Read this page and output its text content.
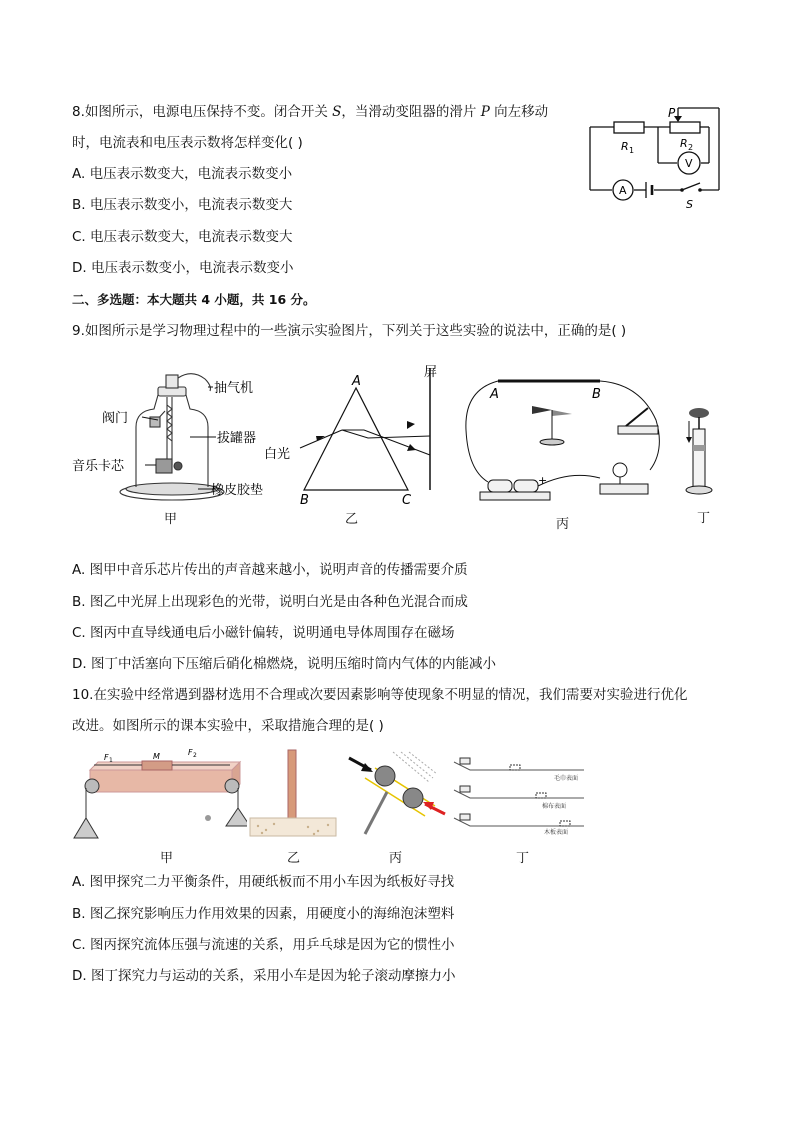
8.如图所示，电源电压保持不变。闭合开关 S，当滑动变阻器的滑片 P 向左移动
时，电流表和电压表示数将怎样变化( )
A. 电压表示数变大，电流表示数变小
B. 电压表示数变小，电流表示数变大
C. 电压表示数变大，电流表示数变大
D. 电压表示数变小，电流表示数变小
P
R 1
R 2
V
A
S
二、多选题：本大题共 4 小题，共 16 分。
9.如图所示是学习物理过程中的一些演示实验图片，下列关于这些实验的说法中，正确的是( )
抽气机
阀门
拔罐器
音乐卡芯
橡皮胶垫
甲
A
B	C
屏
白光
乙
A	B
+
丙	丁
A. 图甲中音乐芯片传出的声音越来越小，说明声音的传播需要介质
B. 图乙中光屏上出现彩色的光带，说明白光是由各种色光混合而成
C. 图丙中直导线通电后小磁针偏转，说明通电导体周围存在磁场
D. 图丁中活塞向下压缩后硝化棉燃烧，说明压缩时筒内气体的内能减小
10.在实验中经常遇到器材选用不合理或次要因素影响等使现象不明显的情况，我们需要对实验进行优化
改进。如图所示的课本实验中，采取措施合理的是( )
F 1	M	F 2
甲	乙	丙
毛巾表面
棉布表面
木板表面
丁
A. 图甲探究二力平衡条件，用硬纸板而不用小车因为纸板好寻找
B. 图乙探究影响压力作用效果的因素，用硬度小的海绵泡沫塑料
C. 图丙探究流体压强与流速的关系，用乒乓球是因为它的惯性小
D. 图丁探究力与运动的关系，采用小车是因为轮子滚动摩擦力小
